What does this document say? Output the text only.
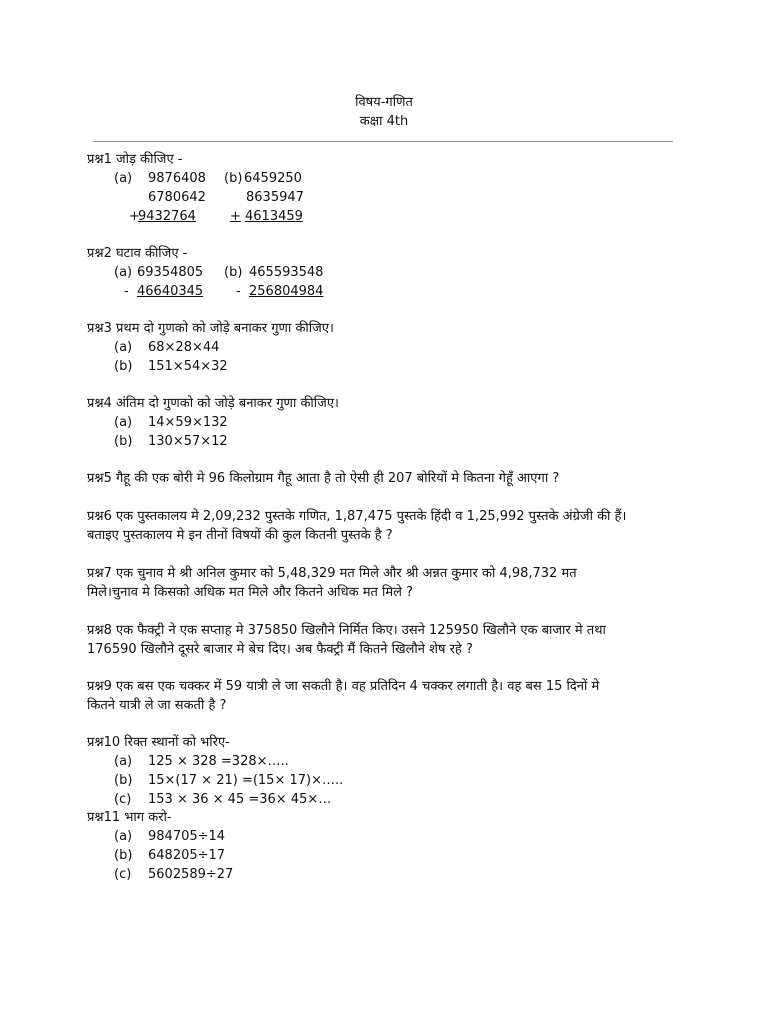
विषय-गणित
कक्षा 4th
प्रश्न1 जोड़ कीजिए -
(a) 9876408
6780642
+
9432764
(b) 6459250
8635947
+ 4613459
प्रश्न2 घटाव कीजिए -
(a) 69354805
- 46640345
(b) 465593548
- 256804984
प्रश्न3 प्रथम दो गुणको को जोड़े बनाकर गुणा कीजिए।
(a) 68×28×44
(b) 151×54×32
प्रश्न4 अंतिम दो गुणको को जोड़े बनाकर गुणा कीजिए।
(a) 14×59×132
(b) 130×57×12
प्रश्न5 गैहू की एक बोरी मे 96 किलोग्राम गैहू आता है तो ऐसी ही 207 बोरियों मे कितना गेहूँ आएगा ?
प्रश्न6 एक पुस्तकालय मे 2,09,232 पुस्तके गणित, 1,87,475 पुस्तके हिंदी व 1,25,992 पुस्तके अंग्रेजी की हैं।
बताइए पुस्तकालय मे इन तीनों विषयों की कुल कितनी पुस्तके है ?
प्रश्न7 एक चुनाव मे श्री अनिल कुमार को 5,48,329 मत मिले और श्री अन्नत कुमार को 4,98,732 मत
मिले।चुनाव मे किसको अधिक मत मिले और कितने अधिक मत मिले ?
प्रश्न8 एक फैक्ट्री ने एक सप्ताह मे 375850 खिलौने निर्मित किए। उसने 125950 खिलौने एक बाजार मे तथा
176590 खिलौने दूसरे बाजार मे बेच दिए। अब फैक्ट्री मैं कितने खिलौने शेष रहे ?
प्रश्न9 एक बस एक चक्कर में 59 यात्री ले जा सकती है। वह प्रतिदिन 4 चक्कर लगाती है। वह बस 15 दिनों मे
कितने यात्री ले जा सकती है ?
प्रश्न10 रिक्त स्थानों को भरिए-
(a) 125 × 328 =328×…..
(b) 15×(17 × 21) =(15× 17)×…..
(c) 153 × 36 × 45 =36× 45×…
प्रश्न11 भाग करो-
(a) 984705÷14
(b) 648205÷17
(c) 5602589÷27
